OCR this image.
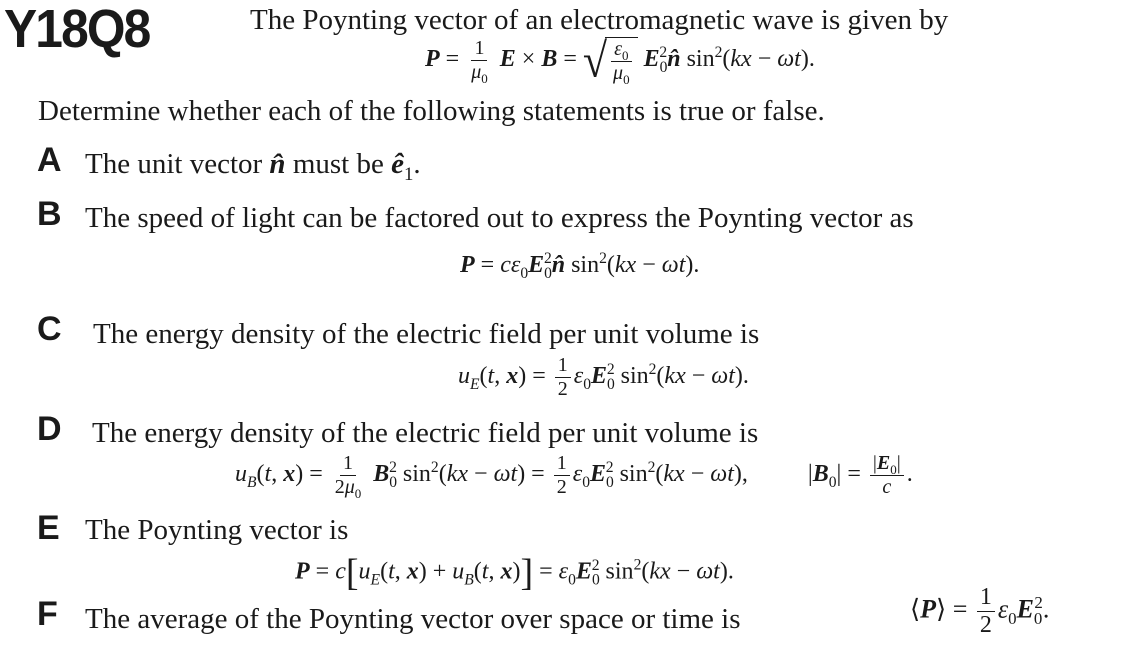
Y18Q8	The Poynting vector of an electromagnetic wave is given by
$P = \frac{1}{\mu_0}$ E × B = √ $\frac{\varepsilon_0}{\mu_0}$ $E_0^2n̂$ $\sin^2(kx - \omega t)$.
Determine whether each of the following statements is true or false.
A The unit vector n̂ must be $ê_1$.
B The speed of light can be factored out to express the Poynting vector as
$P = c\varepsilon_0E_0^2n̂$ $\sin^2(kx - \omega t)$.
C The energy density of the electric field per unit volume is
$u_E(t$, $x) = \frac{1}{2} \varepsilon_0E_0^2$ $\sin^2(kx - \omega t)$.
D The energy density of the electric field per unit volume is
$u_B(t$, $x) = \frac{1}{2\mu_0} B_0^2$ $\sin^2(kx - \omega t) = \frac{1}{2} \varepsilon_0E_0^2$ $\sin^2(kx - \omega t)$,  $|B_0| = \frac{|E_0|}{c}$ .
E The Poynting vector is
$P = c[u_E(t$, $x) + u_B(t$, $x)] = \varepsilon_0E_0^2$ $\sin^2(kx - \omega t)$.
F The average of the Poynting vector over space or time is	⟨P⟩ = $\frac{1}{2} \varepsilon_0E_0^2$.
